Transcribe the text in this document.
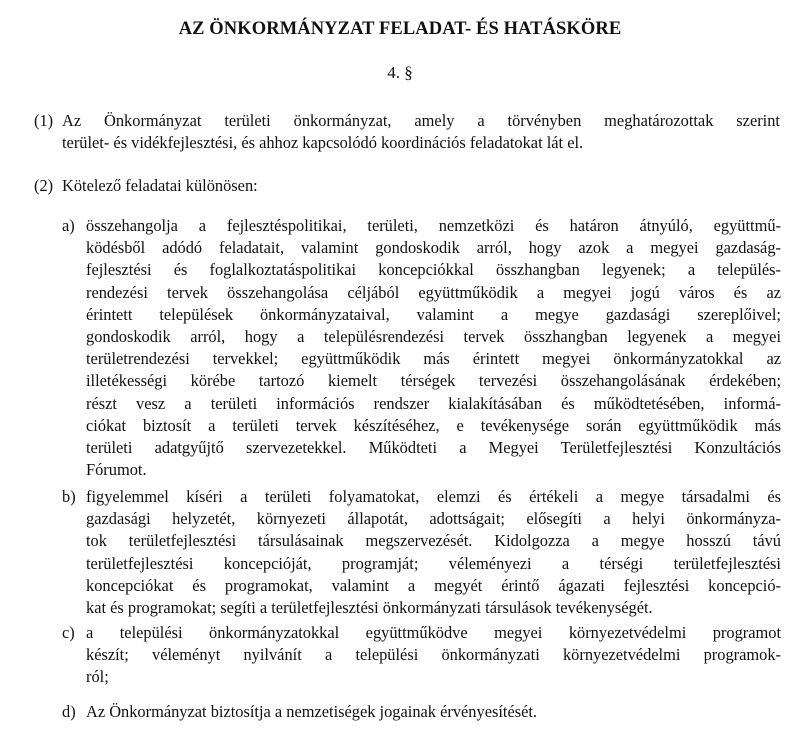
AZ ÖNKORMÁNYZAT FELADAT- ÉS HATÁSKÖRE
4. §
(1) Az Önkormányzat területi önkormányzat, amely a törvényben meghatározottak szerint
terület- és vidékfejlesztési, és ahhoz kapcsolódó koordinációs feladatokat lát el.
(2) Kötelező feladatai különösen:
a) összehangolja a fejlesztéspolitikai, területi, nemzetközi és határon átnyúló, együttmű-
ködésből adódó feladatait, valamint gondoskodik arról, hogy azok a megyei gazdaság-
fejlesztési és foglalkoztatáspolitikai koncepciókkal összhangban legyenek; a település-
rendezési tervek összehangolása céljából együttműködik a megyei jogú város és az
érintett települések önkormányzataival, valamint a megye gazdasági szereplőivel;
gondoskodik arról, hogy a településrendezési tervek összhangban legyenek a megyei
területrendezési tervekkel; együttműködik más érintett megyei önkormányzatokkal az
illetékességi körébe tartozó kiemelt térségek tervezési összehangolásának érdekében;
részt vesz a területi információs rendszer kialakításában és működtetésében, informá-
ciókat biztosít a területi tervek készítéséhez, e tevékenysége során együttműködik más
területi adatgyűjtő szervezetekkel. Működteti a Megyei Területfejlesztési Konzultációs
Fórumot.
b) figyelemmel kíséri a területi folyamatokat, elemzi és értékeli a megye társadalmi és
gazdasági helyzetét, környezeti állapotát, adottságait; elősegíti a helyi önkormányza-
tok területfejlesztési társulásainak megszervezését. Kidolgozza a megye hosszú távú
területfejlesztési koncepcióját, programját; véleményezi a térségi területfejlesztési
koncepciókat és programokat, valamint a megyét érintő ágazati fejlesztési koncepció-
kat és programokat; segíti a területfejlesztési önkormányzati társulások tevékenységét.
c) a települési önkormányzatokkal együttműködve megyei környezetvédelmi programot
készít; véleményt nyilvánít a települési önkormányzati környezetvédelmi programok-
ról;
d) Az Önkormányzat biztosítja a nemzetiségek jogainak érvényesítését.
